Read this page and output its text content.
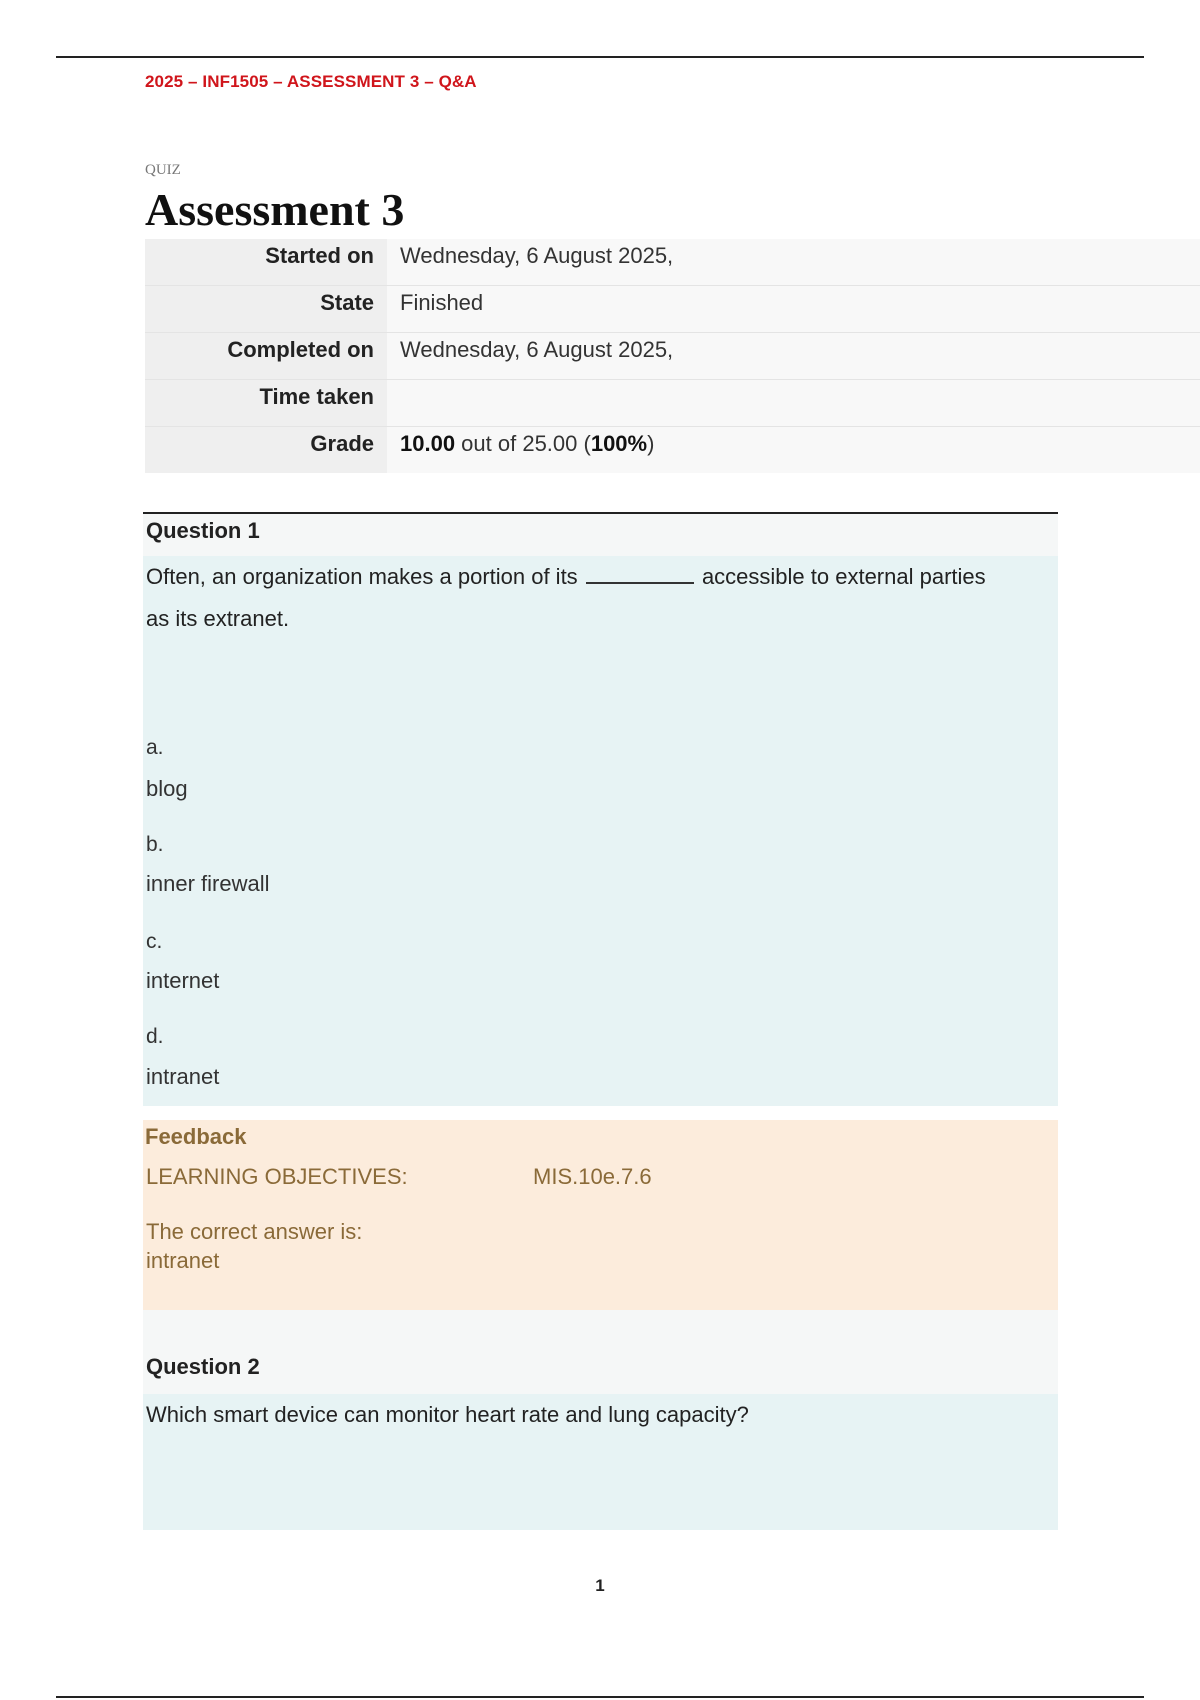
2025 – INF1505 – ASSESSMENT 3 – Q&A
QUIZ
Assessment 3
Started on	Wednesday, 6 August 2025,
State	Finished
Completed on	Wednesday, 6 August 2025,
Time taken
Grade	10.00 out of 25.00 (100%)
Question 1
Often, an organization makes a portion of its	accessible to external parties
as its extranet.
a.
blog
b.
inner firewall
c.
internet
d.
intranet
Feedback
LEARNING OBJECTIVES:	MIS.10e.7.6
The correct answer is:
intranet
Question 2
Which smart device can monitor heart rate and lung capacity?
1
